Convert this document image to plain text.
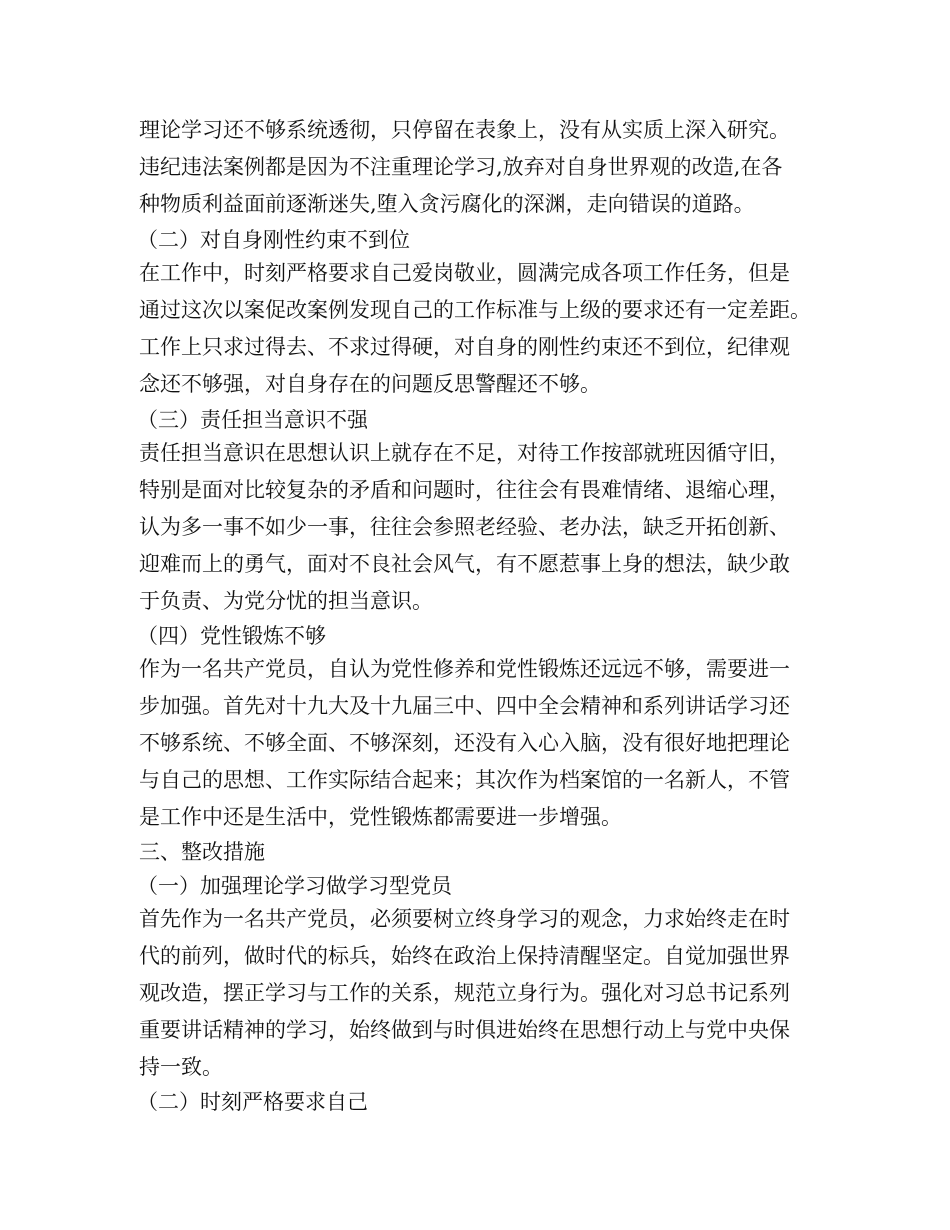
理论学习还不够系统透彻，只停留在表象上，没有从实质上深入研究。

违纪违法案例都是因为不注重理论学习,放弃对自身世界观的改造,在各

种物质利益面前逐渐迷失,堕入贪污腐化的深渊，走向错误的道路。

（二）对自身刚性约束不到位

在工作中，时刻严格要求自己爱岗敬业，圆满完成各项工作任务，但是

通过这次以案促改案例发现自己的工作标准与上级的要求还有一定差距。

工作上只求过得去、不求过得硬，对自身的刚性约束还不到位，纪律观

念还不够强，对自身存在的问题反思警醒还不够。

（三）责任担当意识不强

责任担当意识在思想认识上就存在不足，对待工作按部就班因循守旧，

特别是面对比较复杂的矛盾和问题时，往往会有畏难情绪、退缩心理，

认为多一事不如少一事，往往会参照老经验、老办法，缺乏开拓创新、

迎难而上的勇气，面对不良社会风气，有不愿惹事上身的想法，缺少敢

于负责、为党分忧的担当意识。

（四）党性锻炼不够

作为一名共产党员，自认为党性修养和党性锻炼还远远不够，需要进一

步加强。首先对十九大及十九届三中、四中全会精神和系列讲话学习还

不够系统、不够全面、不够深刻，还没有入心入脑，没有很好地把理论

与自己的思想、工作实际结合起来；其次作为档案馆的一名新人，不管

是工作中还是生活中，党性锻炼都需要进一步增强。

三、整改措施

（一）加强理论学习做学习型党员

首先作为一名共产党员，必须要树立终身学习的观念，力求始终走在时

代的前列，做时代的标兵，始终在政治上保持清醒坚定。自觉加强世界

观改造，摆正学习与工作的关系，规范立身行为。强化对习总书记系列

重要讲话精神的学习，始终做到与时俱进始终在思想行动上与党中央保

持一致。

（二）时刻严格要求自己
